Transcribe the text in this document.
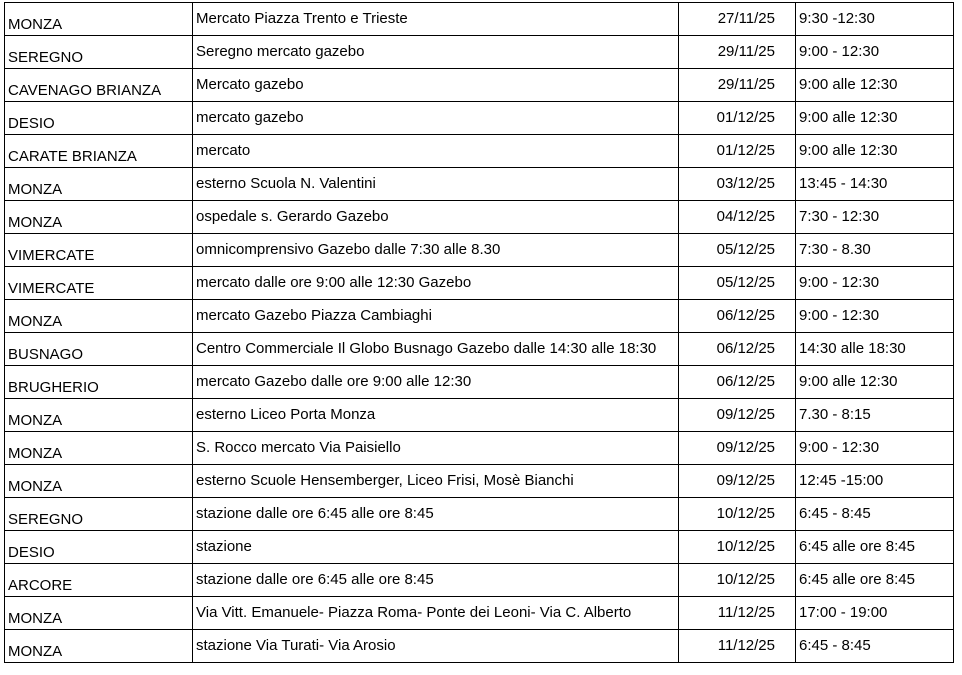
MONZA	Mercato Piazza Trento e Trieste	27/11/25	9:30 -12:30
SEREGNO	Seregno mercato gazebo	29/11/25	9:00 - 12:30
CAVENAGO BRIANZA	Mercato gazebo	29/11/25	9:00 alle 12:30
DESIO	mercato gazebo	01/12/25	9:00 alle 12:30
CARATE BRIANZA	mercato	01/12/25	9:00 alle 12:30
MONZA	esterno Scuola N. Valentini	03/12/25	13:45 - 14:30
MONZA	ospedale s. Gerardo Gazebo	04/12/25	7:30 - 12:30
VIMERCATE	omnicomprensivo Gazebo dalle 7:30 alle 8.30	05/12/25	7:30 - 8.30
VIMERCATE	mercato dalle ore 9:00 alle 12:30 Gazebo	05/12/25	9:00 - 12:30
MONZA	mercato Gazebo Piazza Cambiaghi	06/12/25	9:00 - 12:30
BUSNAGO	Centro Commerciale Il Globo Busnago Gazebo dalle 14:30 alle 18:30	06/12/25	14:30 alle 18:30
BRUGHERIO	mercato Gazebo dalle ore 9:00 alle 12:30	06/12/25	9:00 alle 12:30
MONZA	esterno Liceo Porta Monza	09/12/25	7.30 - 8:15
MONZA	S. Rocco mercato Via Paisiello	09/12/25	9:00 - 12:30
MONZA	esterno Scuole Hensemberger, Liceo Frisi, Mosè Bianchi	09/12/25	12:45 -15:00
SEREGNO	stazione dalle ore 6:45 alle ore 8:45	10/12/25	6:45 - 8:45
DESIO	stazione	10/12/25	6:45 alle ore 8:45
ARCORE	stazione dalle ore 6:45 alle ore 8:45	10/12/25	6:45 alle ore 8:45
MONZA	Via Vitt. Emanuele- Piazza Roma- Ponte dei Leoni- Via C. Alberto	11/12/25	17:00 - 19:00
MONZA	stazione Via Turati- Via Arosio	11/12/25	6:45 - 8:45
